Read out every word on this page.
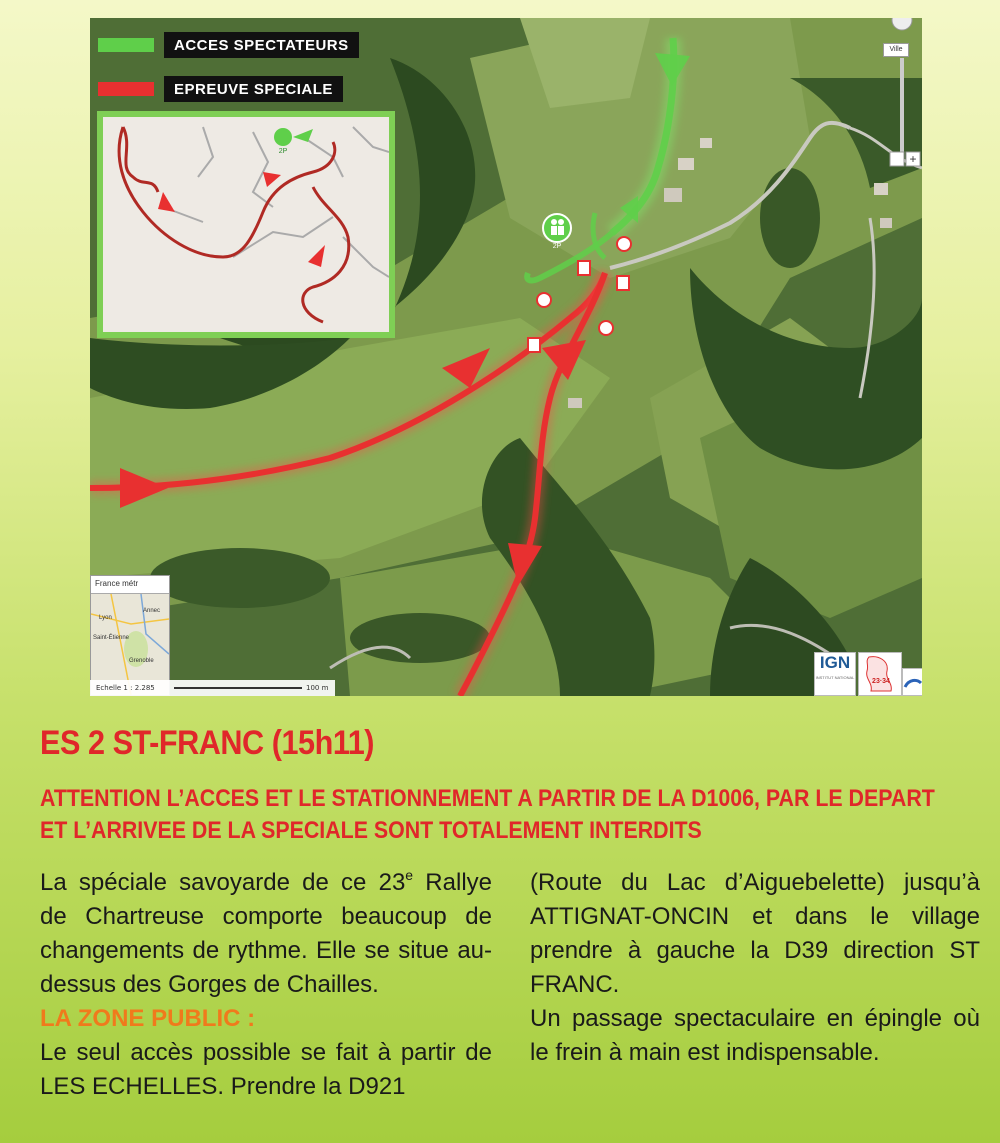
2P
ACCES SPECTATEURS
EPREUVE SPECIALE
2P
+
Ville
France métr
Lyon
Annec
Saint-Étienne
Grenoble
Echelle 1 : 2.285	100 m
IGN
INSTITUT NATIONAL
23·34
ES 2 ST-FRANC (15h11)

ATTENTION L’ACCES ET LE STATIONNEMENT A PARTIR DE LA D1006, PAR LE DEPART ET L’ARRIVEE DE LA SPECIALE SONT TOTALEMENT INTERDITS

La spéciale savoyarde de ce 23e Rallye de Chartreuse comporte beaucoup de changements de rythme. Elle se situe au-dessus des Gorges de Chailles.

LA ZONE PUBLIC :

Le seul accès possible se fait à partir de LES ECHELLES. Prendre la D921

(Route du Lac d’Aiguebelette) jusqu’à ATTIGNAT-ONCIN et dans le village prendre à gauche la D39 direction ST FRANC.

Un passage spectaculaire en épingle où le frein à main est indispensable.
